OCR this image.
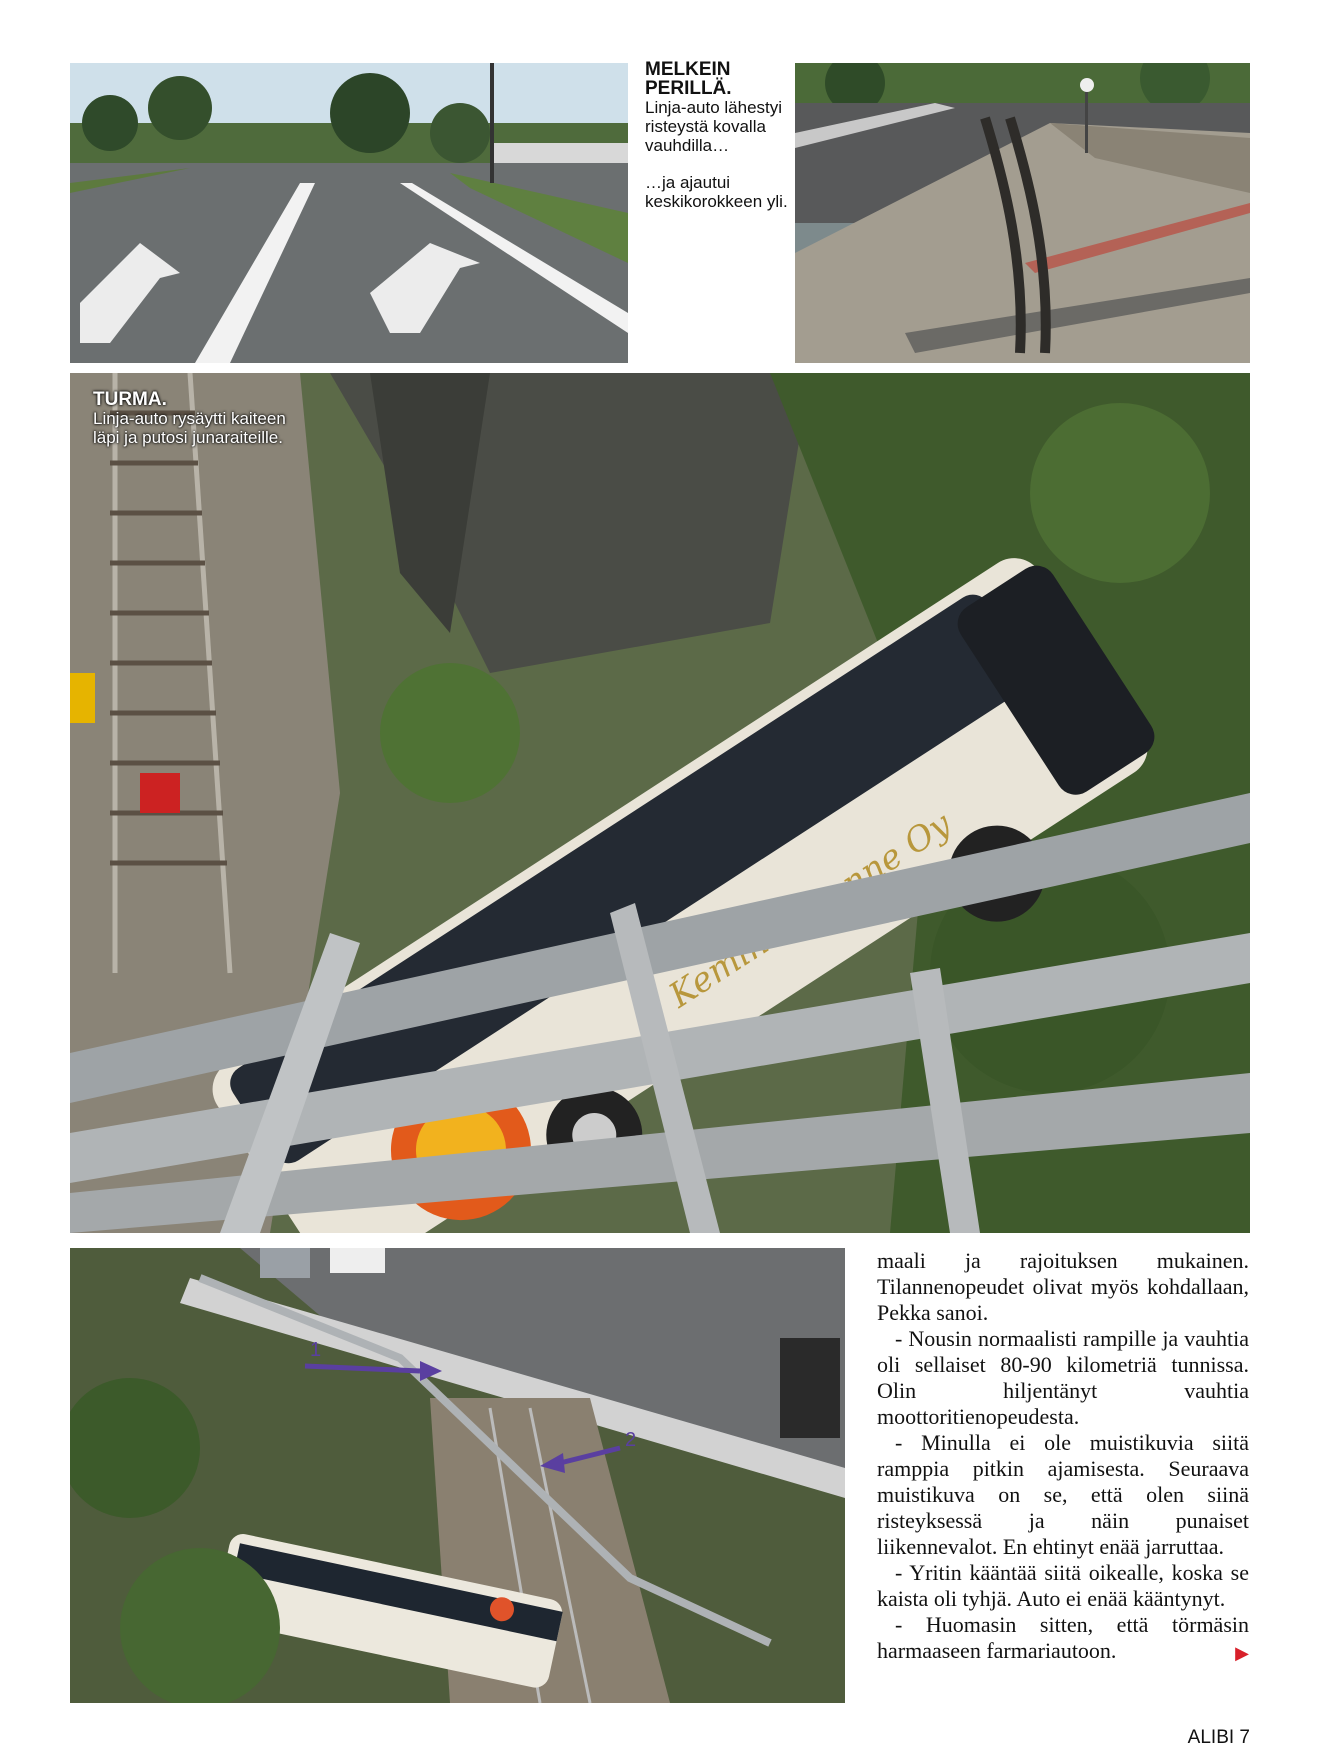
MELKEIN PERILLÄ.

Linja-auto lähestyi risteystä kovalla vauhdilla…

…ja ajautui keskikorokkeen yli.

TURMA.
Linja-auto rysäytti kaiteen läpi ja putosi junaraiteille.
1
2

maali ja rajoituksen mukainen. Tilannenopeudet olivat myös kohdallaan, Pekka sanoi.

- Nousin normaalisti rampille ja vauhtia oli sellaiset 80-90 kilometriä tunnissa. Olin hiljentänyt vauhtia moottoritienopeudesta.

- Minulla ei ole muistikuvia siitä ramppia pitkin ajamisesta. Seuraava muistikuva on se, että olen siinä risteyksessä ja näin punaiset liikennevalot. En ehtinyt enää jarruttaa.

- Yritin kääntää siitä oikealle, koska se kaista oli tyhjä. Auto ei enää kääntynyt.

- Huomasin sitten, että törmäsin harmaaseen farmariautoon.	▶

ALIBI 7
